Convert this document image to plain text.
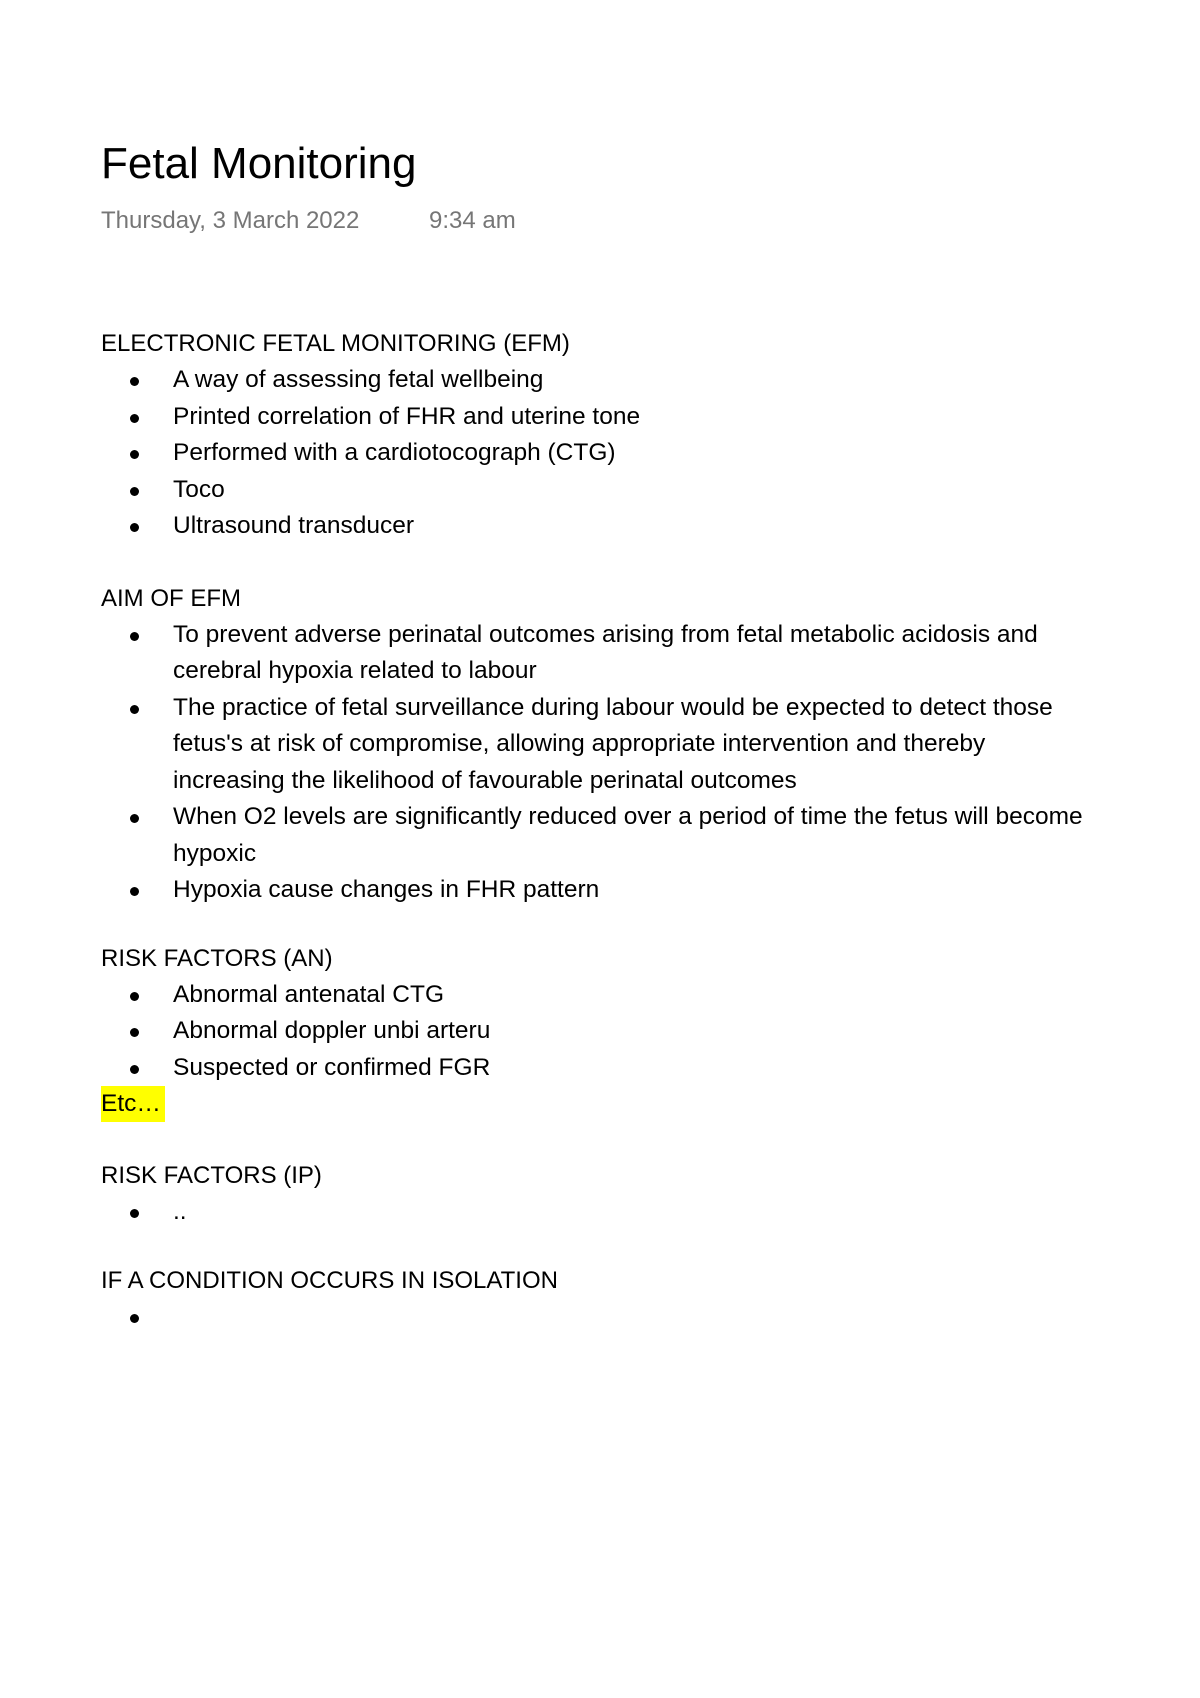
Fetal Monitoring
Thursday, 3 March 2022	9:34 am

ELECTRONIC FETAL MONITORING (EFM)

A way of assessing fetal wellbeing
Printed correlation of FHR and uterine tone
Performed with a cardiotocograph (CTG)
Toco
Ultrasound transducer

AIM OF EFM

To prevent adverse perinatal outcomes arising from fetal metabolic acidosis and cerebral hypoxia related to labour
The practice of fetal surveillance during labour would be expected to detect those fetus's at risk of compromise, allowing appropriate intervention and thereby increasing the likelihood of favourable perinatal outcomes
When O2 levels are significantly reduced over a period of time the fetus will become hypoxic
Hypoxia cause changes in FHR pattern

RISK FACTORS (AN)

Abnormal antenatal CTG
Abnormal doppler unbi arteru
Suspected or confirmed FGR
Etc…

RISK FACTORS (IP)

..

IF A CONDITION OCCURS IN ISOLATION
